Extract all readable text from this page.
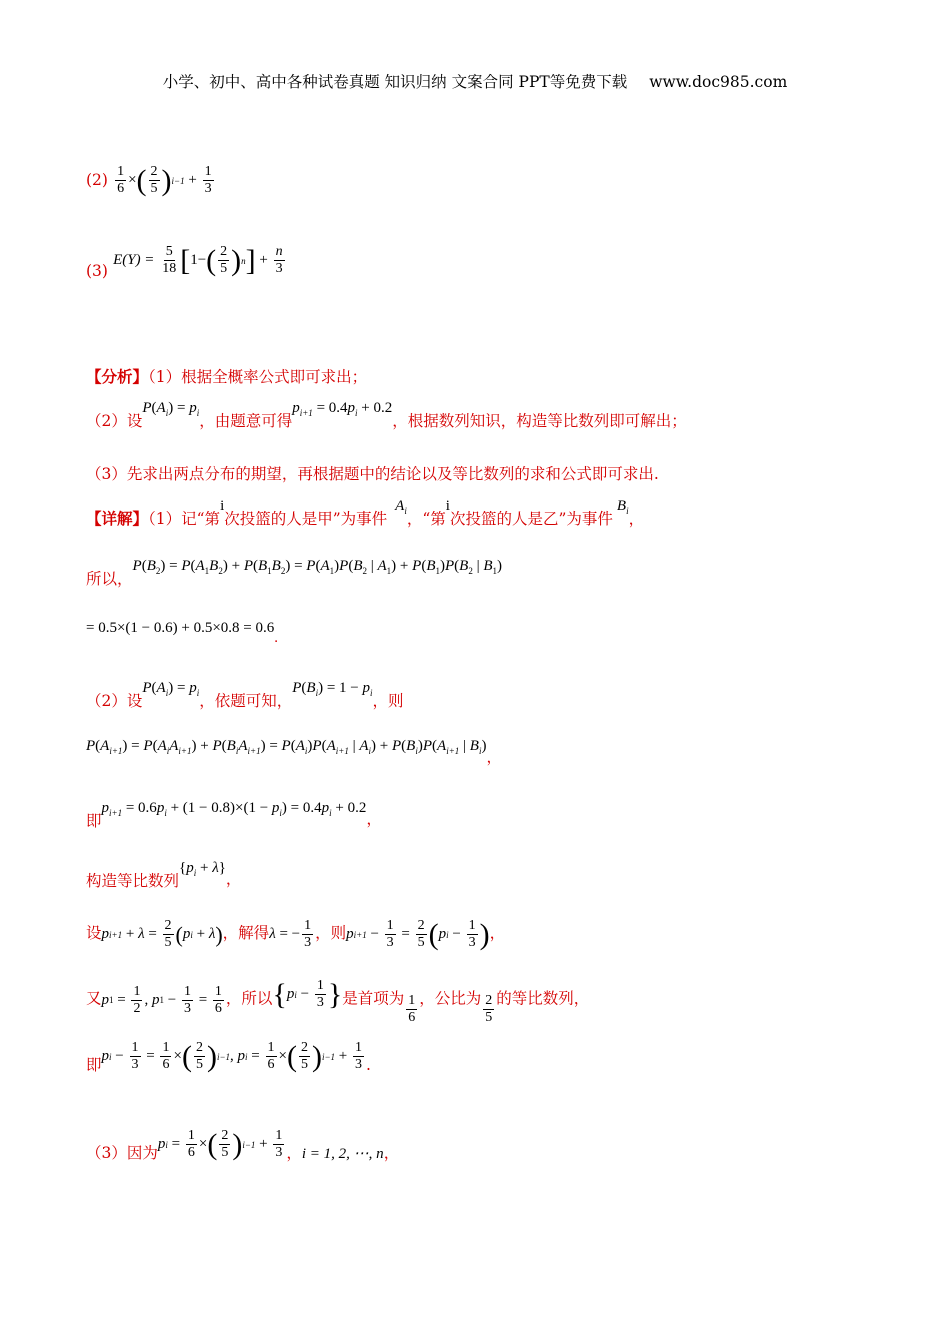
小学、初中、高中各种试卷真题 知识归纳 文案合同 PPT等免费下载 www.doc985.com
$(2) \frac{1}{6}$ × ( $\frac{2}{5}$ ) $i-1 + \frac{1}{3}$
(3)
E(Y) =
$\frac{5}{18}$ [ 1− ( $\frac{2}{5}$ ) n ] + $\frac{n}{3}$
【分析】（1）根据全概率公式即可求出；
（2）设$P(A_i) = p_i$，由题意可得$p_{i+1} = 0.4p_i + 0.2$，根据数列知识，构造等比数列即可解出；
（3）先求出两点分布的期望，再根据题中的结论以及等比数列的求和公式即可求出.
【详解】（1）记“第i次投篮的人是甲”为事件$A_i$，“第i次投篮的人是乙”为事件$B_i$，
所以，$P(B_2) = P(A_1B_2) + P(B_1B_2) = P(A_1)P(B_2$ | $A_1) + P(B_1)P(B_2$ | $B_1$)
= 0.5×(1 − 0.6) + 0.5×0.8 = 0.6.
（2）设$P(A_i) = p_i$，依题可知，$P(B_i) = 1 - p_i$，则
$P(A_{i+1}) = P(A_iA_{i+1}) + P(B_iA_{i+1}) = P(A_i)P(A_{i+1}$ | $A_i) + P(B_i)P(A_{i+1}$ | $B_i$)，
即$p_{i+1} = 0.6p_i + (1 - 0.8)\times(1 - p_i) = 0.4p_i + 0.2$，
构造等比数列$\{p_i + \lambda\}$，
设 p $i+1 + \lambda = \frac{2}{5}$ ( p i + λ ) ，解得 λ = − $\frac{1}{3}$ ，则 p $i+1 - \frac{1}{3} = \frac{2}{5}$ ( p $i - \frac{1}{3}$ ) ，
又 p $1 = \frac{1}{2}$ , p $1 - \frac{1}{3} = \frac{1}{6}$ ，所以 { p $i - \frac{1}{3}$ } 是首项为 $\frac{1}{6}$ ，公比为 $\frac{2}{5}$ 的等比数列，
即 p $i - \frac{1}{3} = \frac{1}{6}$ × ( $\frac{2}{5}$ ) i−1 , p $i = \frac{1}{6}$ × ( $\frac{2}{5}$ ) $i-1 + \frac{1}{3}$ .
（3）因为 p $i = \frac{1}{6}$ × ( $\frac{2}{5}$ ) $i-1 + \frac{1}{3}$ ，i = 1, 2, ⋯, n，
